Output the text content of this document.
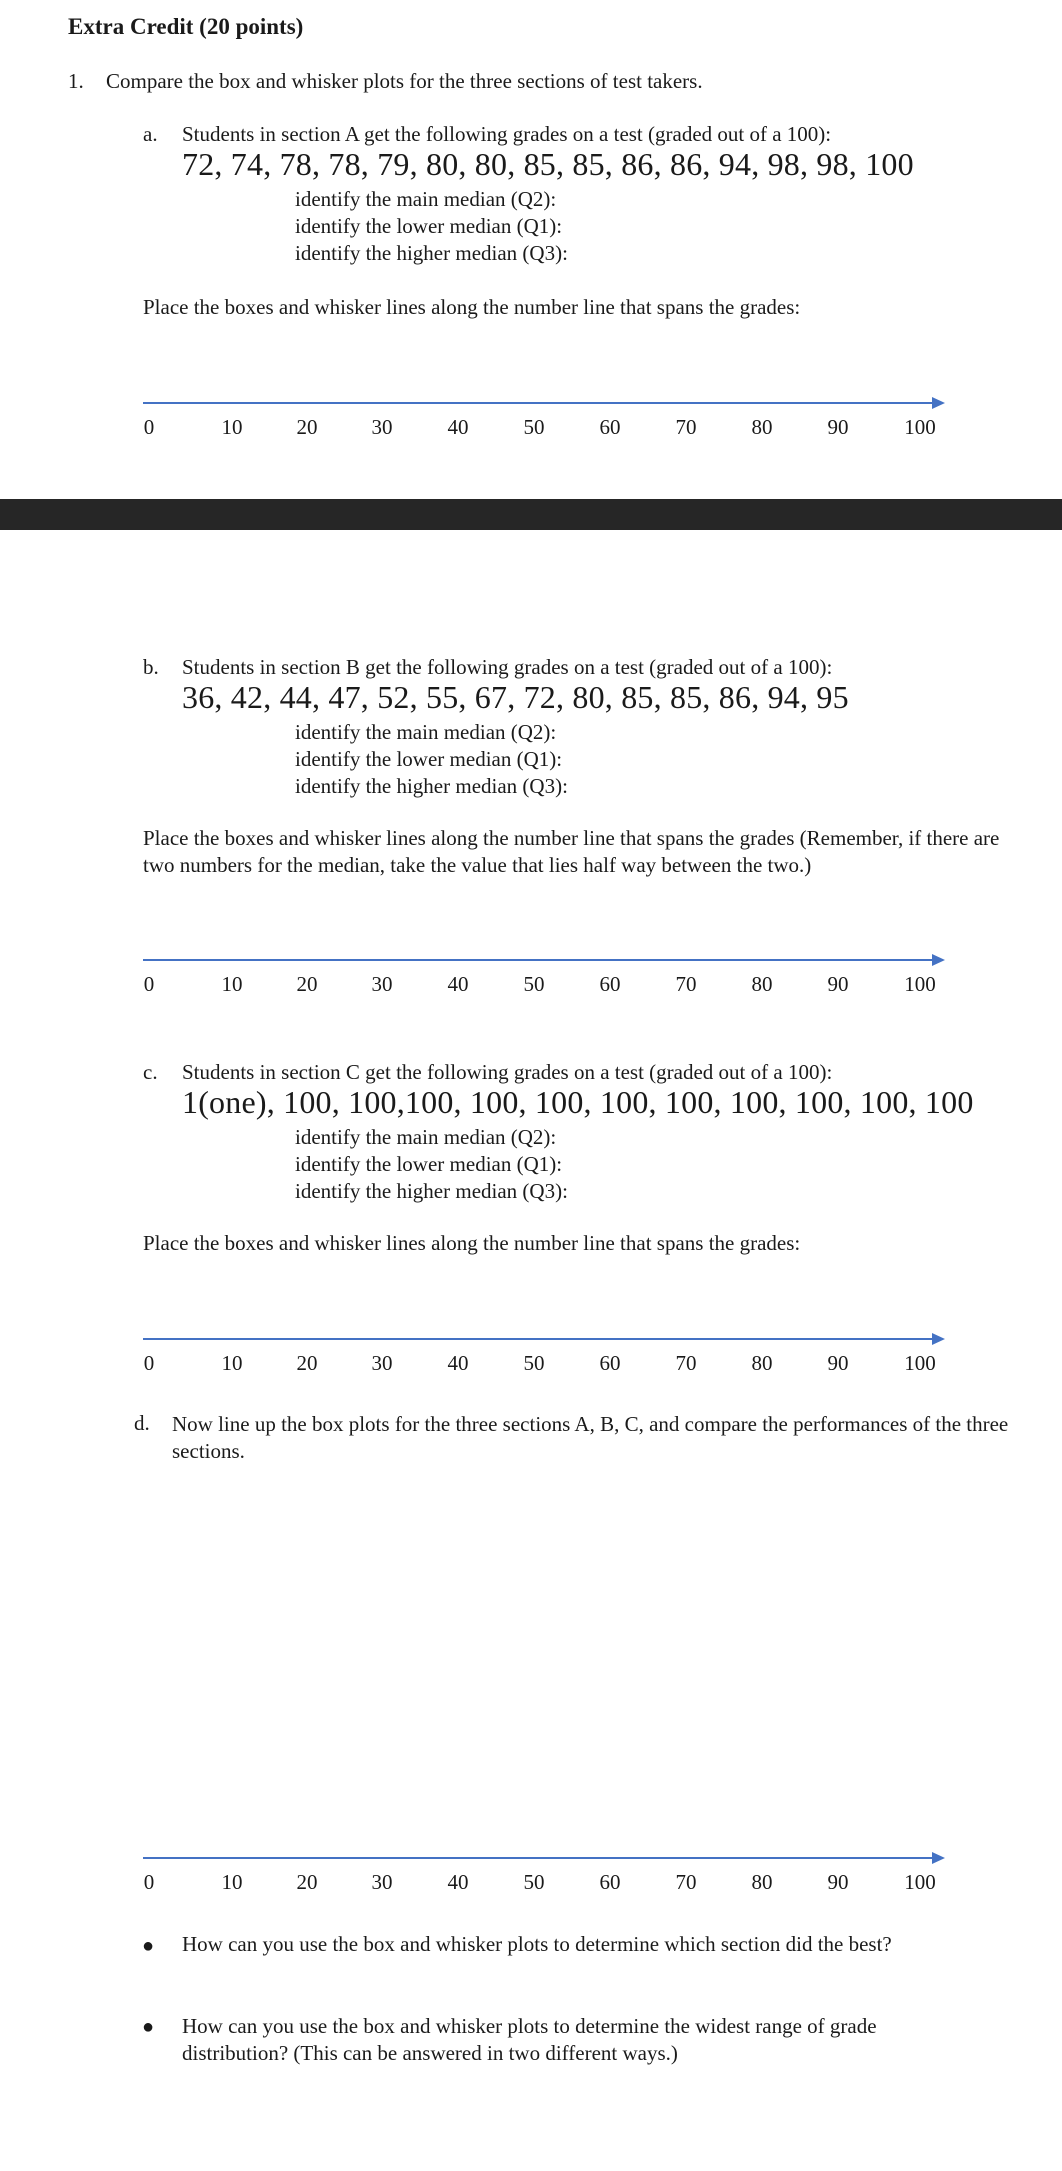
Extra Credit (20 points)
1. Compare the box and whisker plots for the three sections of test takers.
a. Students in section A get the following grades on a test (graded out of a 100):
72, 74, 78, 78, 79, 80, 80, 85, 85, 86, 86, 94, 98, 98, 100
identify the main median (Q2):
identify the lower median (Q1):
identify the higher median (Q3):
Place the boxes and whisker lines along the number line that spans the grades:
0	10	20	30	40	50	60	70	80	90	100
b. Students in section B get the following grades on a test (graded out of a 100):
36, 42, 44, 47, 52, 55, 67, 72, 80, 85, 85, 86, 94, 95
identify the main median (Q2):
identify the lower median (Q1):
identify the higher median (Q3):
Place the boxes and whisker lines along the number line that spans the grades (Remember, if there are two numbers for the median, take the value that lies half way between the two.)
0	10	20	30	40	50	60	70	80	90	100
c. Students in section C get the following grades on a test (graded out of a 100):
1(one), 100, 100,100, 100, 100, 100, 100, 100, 100, 100, 100
identify the main median (Q2):
identify the lower median (Q1):
identify the higher median (Q3):
Place the boxes and whisker lines along the number line that spans the grades:
0	10	20	30	40	50	60	70	80	90	100
d. Now line up the box plots for the three sections A, B, C, and compare the performances of the three sections.
0	10	20	30	40	50	60	70	80	90	100
● How can you use the box and whisker plots to determine which section did the best?
● How can you use the box and whisker plots to determine the widest range of grade distribution? (This can be answered in two different ways.)
